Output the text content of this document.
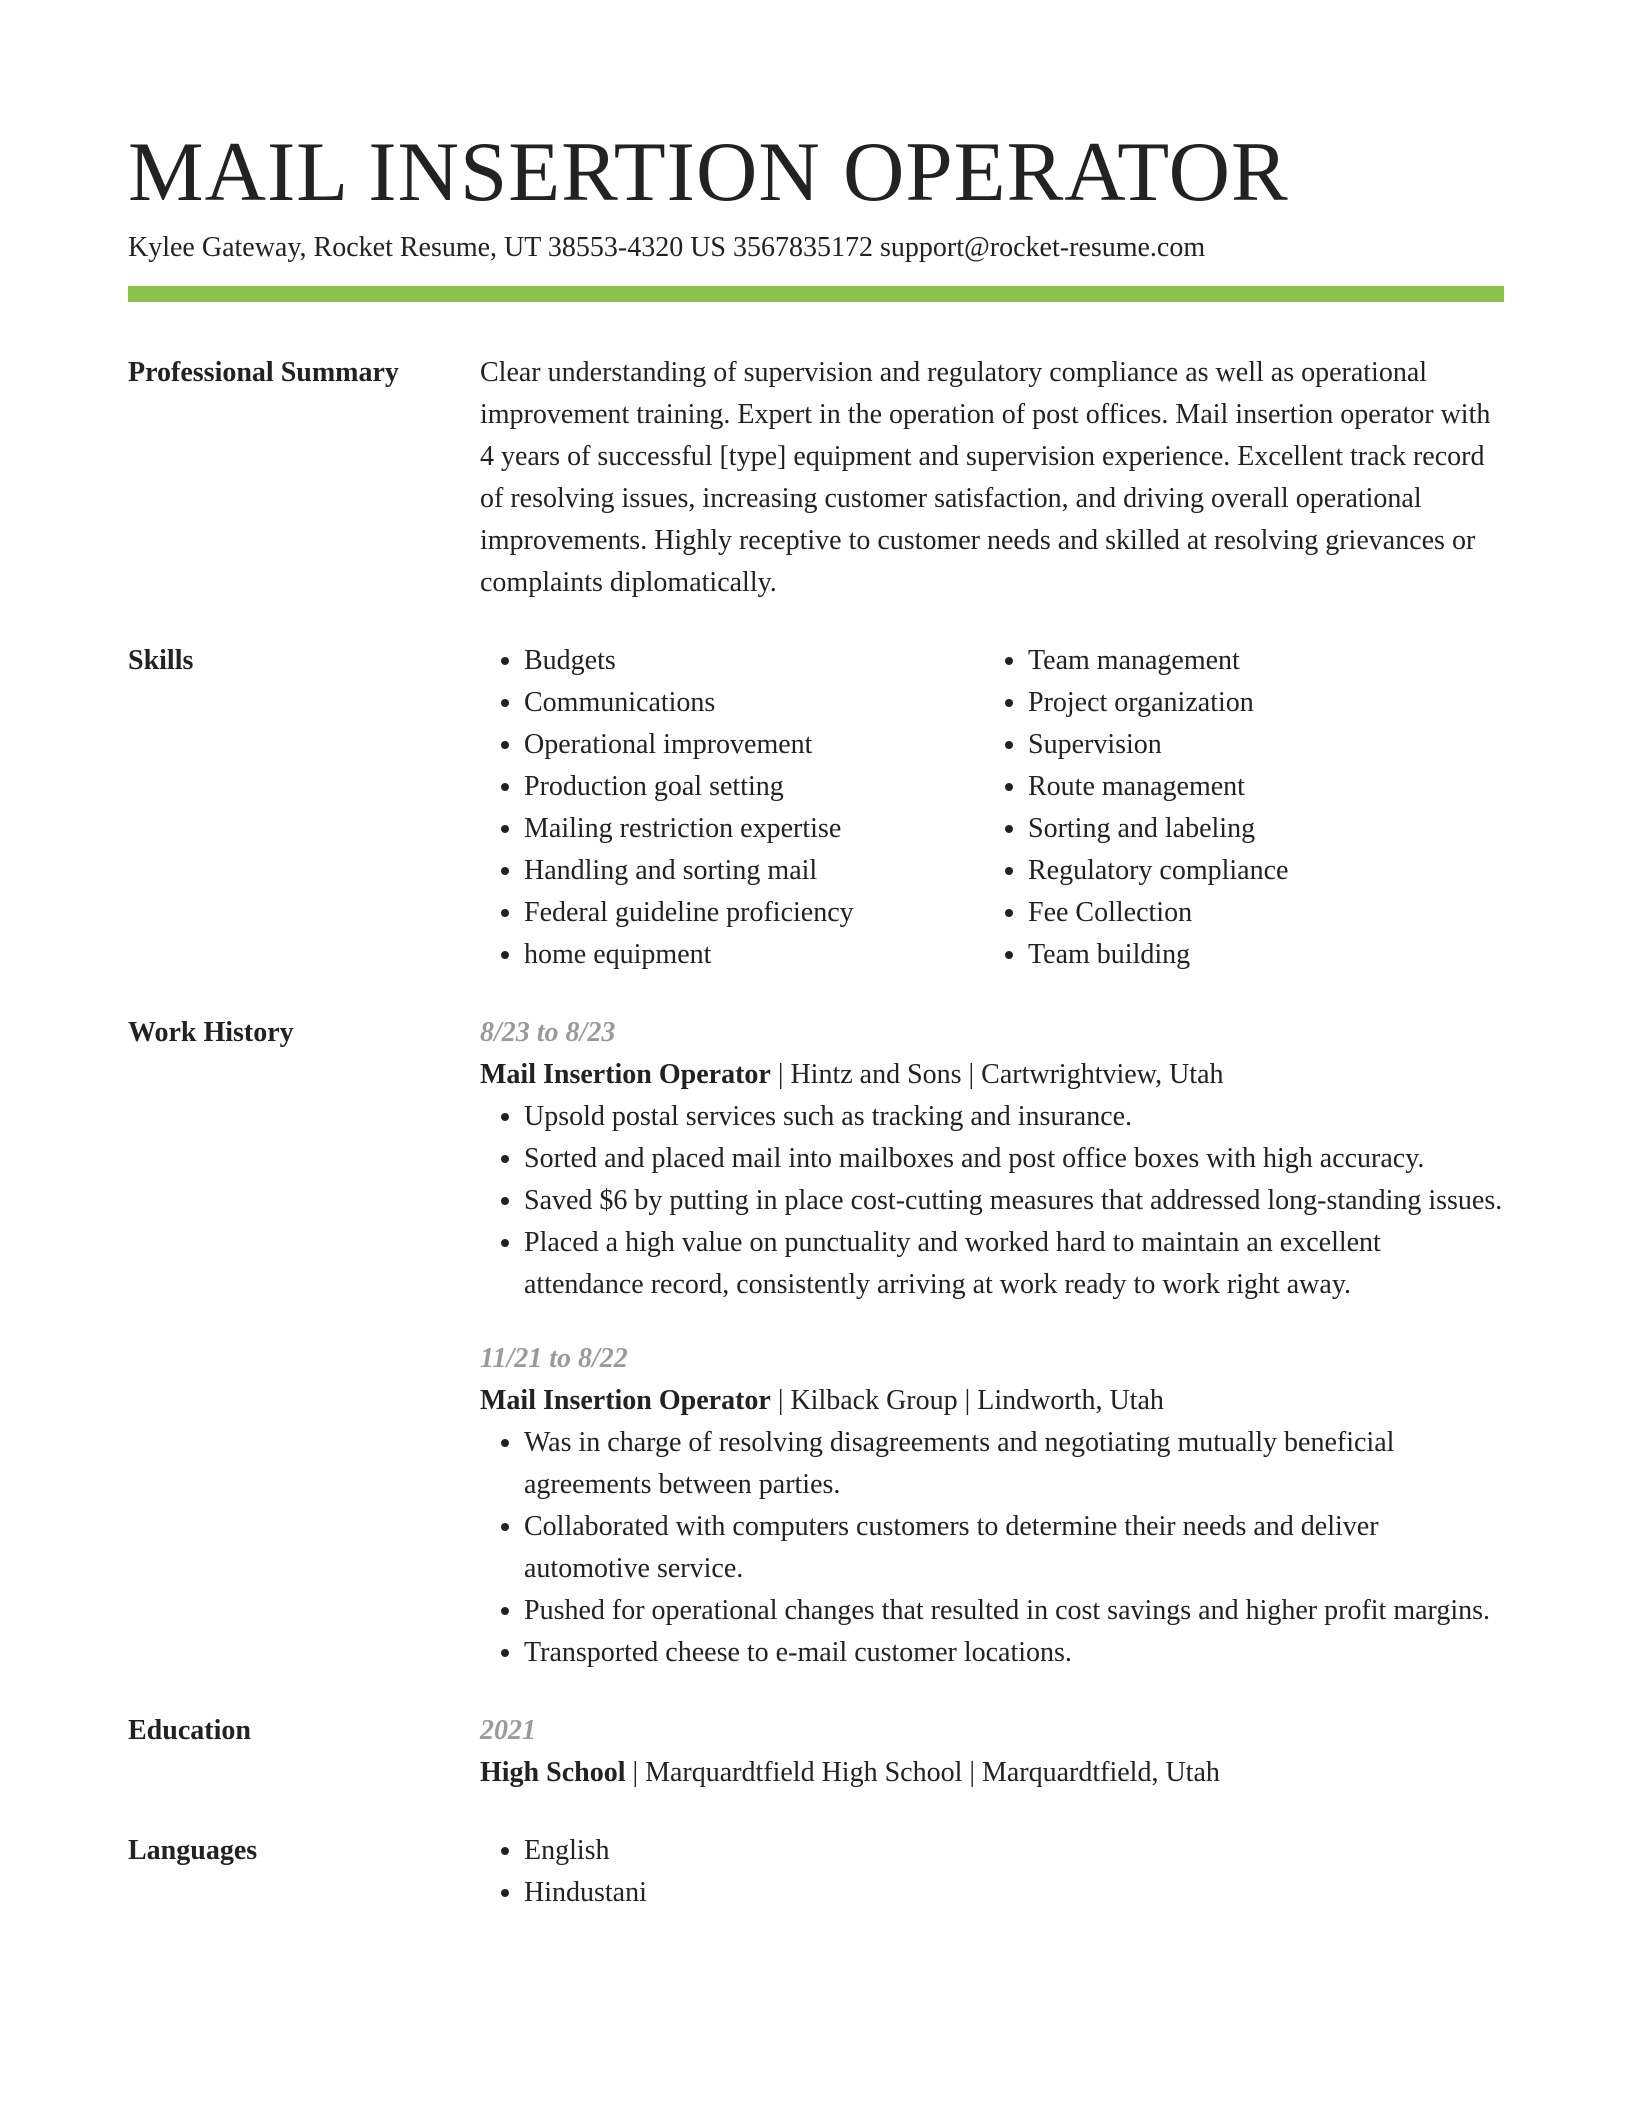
MAIL INSERTION OPERATOR
Kylee Gateway, Rocket Resume, UT 38553-4320 US 3567835172 support@rocket-resume.com
Professional Summary	Clear understanding of supervision and regulatory compliance as well as operational improvement training. Expert in the operation of post offices. Mail insertion operator with 4 years of successful [type] equipment and supervision experience. Excellent track record of resolving issues, increasing customer satisfaction, and driving overall operational improvements. Highly receptive to customer needs and skilled at resolving grievances or complaints diplomatically.

Skills	• Budgets
• Communications
• Operational improvement
• Production goal setting
• Mailing restriction expertise
• Handling and sorting mail
• Federal guideline proficiency
• home equipment
• Team management
• Project organization
• Supervision
• Route management
• Sorting and labeling
• Regulatory compliance
• Fee Collection
• Team building
Work History	8/23 to 8/23
Mail Insertion Operator | Hintz and Sons | Cartwrightview, Utah
• Upsold postal services such as tracking and insurance.
• Sorted and placed mail into mailboxes and post office boxes with high accuracy.
• Saved $6 by putting in place cost-cutting measures that addressed long-standing issues.
• Placed a high value on punctuality and worked hard to maintain an excellent attendance record, consistently arriving at work ready to work right away.
11/21 to 8/22
Mail Insertion Operator | Kilback Group | Lindworth, Utah
• Was in charge of resolving disagreements and negotiating mutually beneficial agreements between parties.
• Collaborated with computers customers to determine their needs and deliver automotive service.
• Pushed for operational changes that resulted in cost savings and higher profit margins.
• Transported cheese to e-mail customer locations.
Education	2021
High School | Marquardtfield High School | Marquardtfield, Utah
Languages	• English
• Hindustani
